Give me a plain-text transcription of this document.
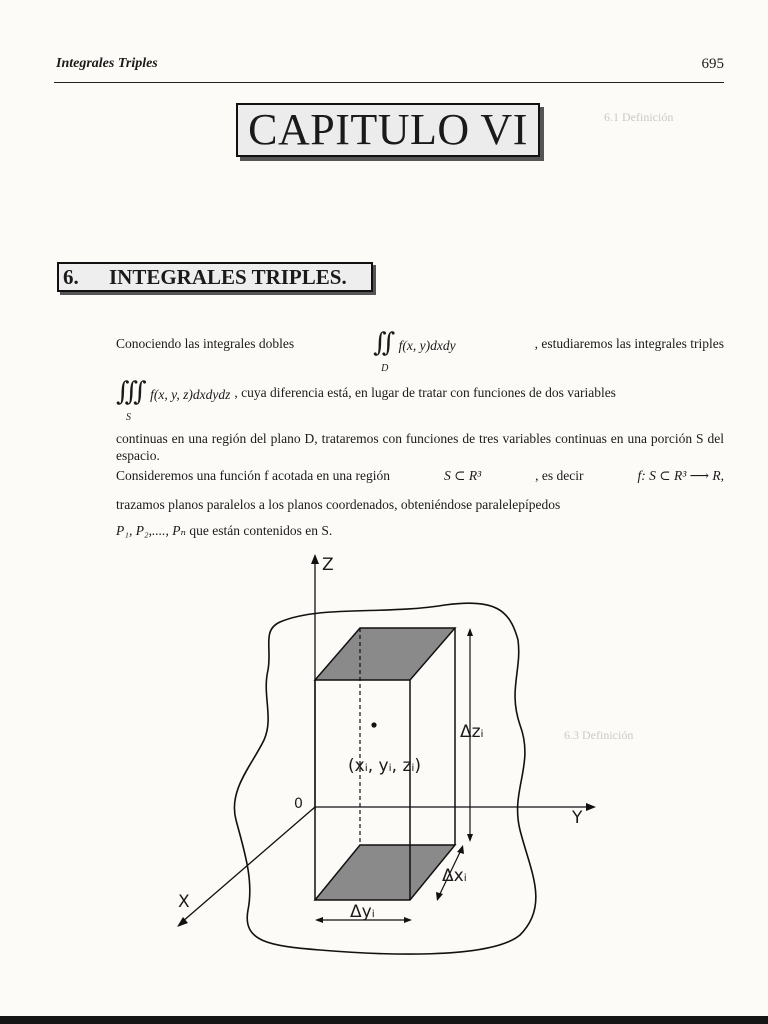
6.1 Definición
6.3 Definición
Integrales Triples	695
CAPITULO VI
6.	INTEGRALES TRIPLES.
Conociendo las integrales dobles	∬ f(x, y)dxdy
D
, estudiaremos las integrales triples
∭ f(x, y, z)dxdydz
S
, cuya diferencia está, en lugar de tratar con funciones de dos variables
continuas en una región del plano D, trataremos con funciones de tres variables continuas en una porción S del espacio.
Consideremos una función f acotada en una región	S ⊂ R³	, es decir	f: S ⊂ R³ ⟶ R,
trazamos planos paralelos a los planos coordenados, obteniéndose paralelepípedos
P₁, P₂,...., Pₙ que están contenidos en S.
Z
Y
X
0
(xᵢ, yᵢ, zᵢ)
Δzᵢ
Δxᵢ
Δyᵢ
